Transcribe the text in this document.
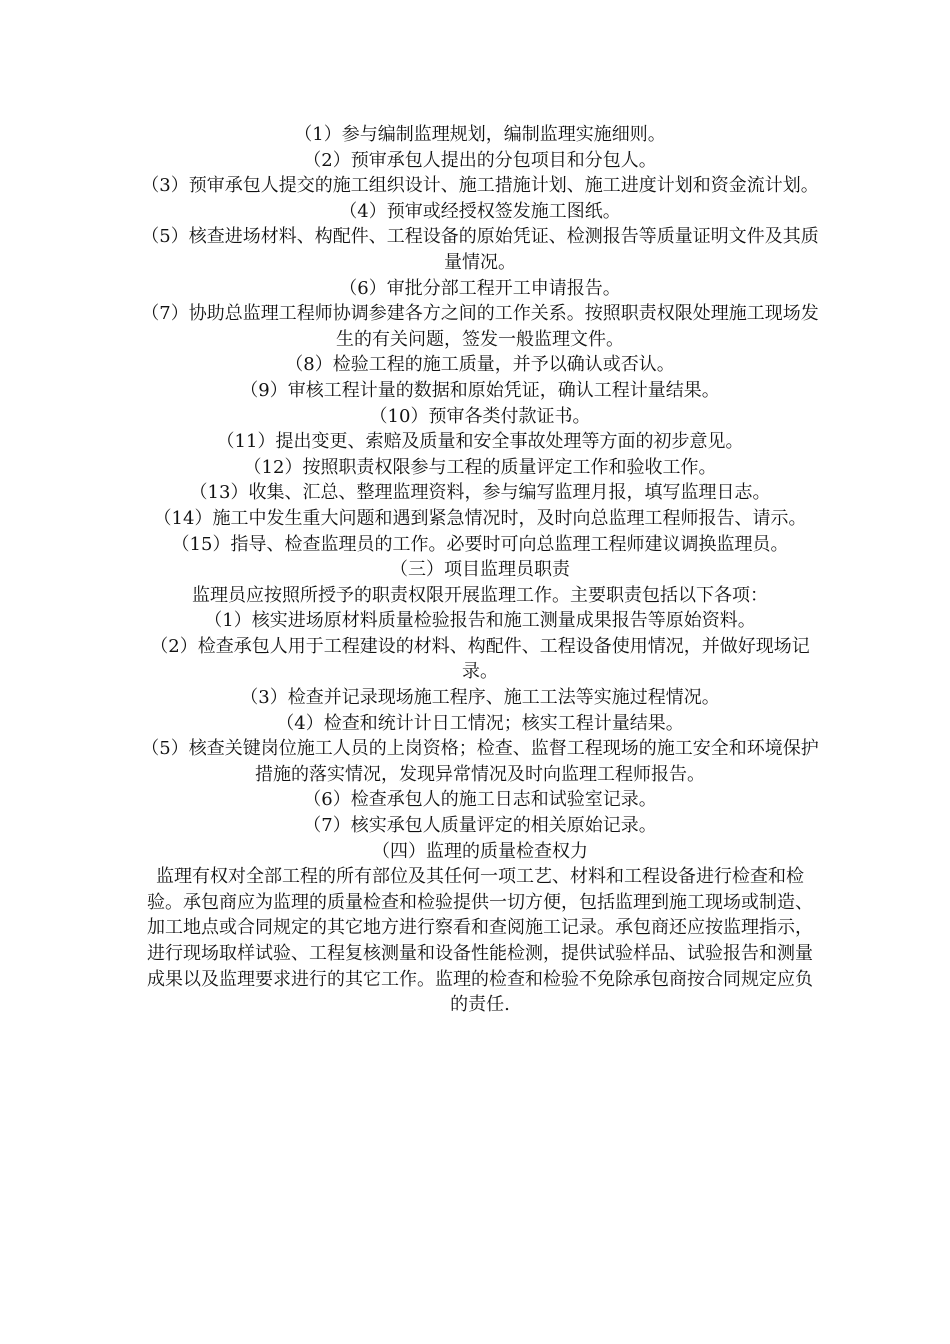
（1）参与编制监理规划，编制监理实施细则。

（2）预审承包人提出的分包项目和分包人。

（3）预审承包人提交的施工组织设计、施工措施计划、施工进度计划和资金流计划。

（4）预审或经授权签发施工图纸。

（5）核查进场材料、构配件、工程设备的原始凭证、检测报告等质量证明文件及其质量情况。

（6）审批分部工程开工申请报告。

（7）协助总监理工程师协调参建各方之间的工作关系。按照职责权限处理施工现场发生的有关问题，签发一般监理文件。

（8）检验工程的施工质量，并予以确认或否认。

（9）审核工程计量的数据和原始凭证，确认工程计量结果。

（10）预审各类付款证书。

（11）提出变更、索赔及质量和安全事故处理等方面的初步意见。

（12）按照职责权限参与工程的质量评定工作和验收工作。

（13）收集、汇总、整理监理资料，参与编写监理月报，填写监理日志。

（14）施工中发生重大问题和遇到紧急情况时，及时向总监理工程师报告、请示。

（15）指导、检查监理员的工作。必要时可向总监理工程师建议调换监理员。

（三）项目监理员职责

监理员应按照所授予的职责权限开展监理工作。主要职责包括以下各项：

（1）核实进场原材料质量检验报告和施工测量成果报告等原始资料。

（2）检查承包人用于工程建设的材料、构配件、工程设备使用情况，并做好现场记录。

（3）检查并记录现场施工程序、施工工法等实施过程情况。

（4）检查和统计计日工情况；核实工程计量结果。

（5）核查关键岗位施工人员的上岗资格；检查、监督工程现场的施工安全和环境保护措施的落实情况，发现异常情况及时向监理工程师报告。

（6）检查承包人的施工日志和试验室记录。

（7）核实承包人质量评定的相关原始记录。

（四）监理的质量检查权力

监理有权对全部工程的所有部位及其任何一项工艺、材料和工程设备进行检查和检验。承包商应为监理的质量检查和检验提供一切方便，包括监理到施工现场或制造、加工地点或合同规定的其它地方进行察看和查阅施工记录。承包商还应按监理指示，进行现场取样试验、工程复核测量和设备性能检测，提供试验样品、试验报告和测量成果以及监理要求进行的其它工作。监理的检查和检验不免除承包商按合同规定应负的责任.
